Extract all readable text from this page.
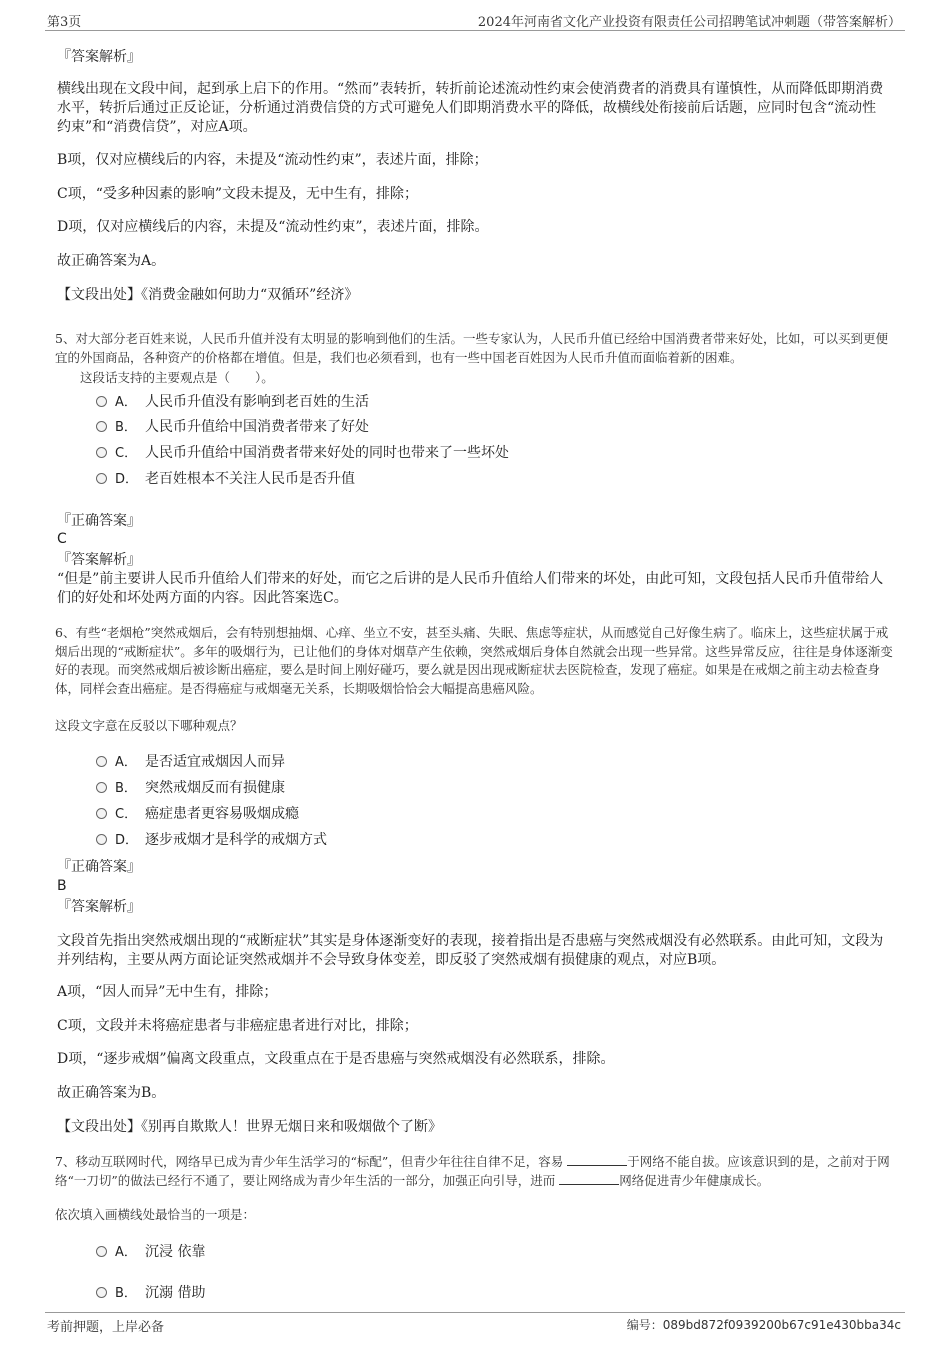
第3页	2024年河南省文化产业投资有限责任公司招聘笔试冲刺题（带答案解析）

『答案解析』

横线出现在文段中间，起到承上启下的作用。“然而”表转折，转折前论述流动性约束会使消费者的消费具有谨慎性，从而降低即期消费水平，转折后通过正反论证，分析通过消费信贷的方式可避免人们即期消费水平的降低，故横线处衔接前后话题，应同时包含“流动性约束”和“消费信贷”，对应A项。

B项，仅对应横线后的内容，未提及“流动性约束”，表述片面，排除；

C项，“受多种因素的影响”文段未提及，无中生有，排除；

D项，仅对应横线后的内容，未提及“流动性约束”，表述片面，排除。

故正确答案为A。

【文段出处】《消费金融如何助力“双循环”经济》

5、对大部分老百姓来说，人民币升值并没有太明显的影响到他们的生活。一些专家认为，人民币升值已经给中国消费者带来好处，比如，可以买到更便宜的外国商品，各种资产的价格都在增值。但是，我们也必须看到，也有一些中国老百姓因为人民币升值而面临着新的困难。

这段话支持的主要观点是（　　）。

A． 人民币升值没有影响到老百姓的生活
B． 人民币升值给中国消费者带来了好处
C． 人民币升值给中国消费者带来好处的同时也带来了一些坏处
D． 老百姓根本不关注人民币是否升值

『正确答案』

C

『答案解析』

“但是”前主要讲人民币升值给人们带来的好处，而它之后讲的是人民币升值给人们带来的坏处，由此可知，文段包括人民币升值带给人们的好处和坏处两方面的内容。因此答案选C。

6、有些“老烟枪”突然戒烟后，会有特别想抽烟、心痒、坐立不安，甚至头痛、失眠、焦虑等症状，从而感觉自己好像生病了。临床上，这些症状属于戒烟后出现的“戒断症状”。多年的吸烟行为，已让他们的身体对烟草产生依赖，突然戒烟后身体自然就会出现一些异常。这些异常反应，往往是身体逐渐变好的表现。而突然戒烟后被诊断出癌症，要么是时间上刚好碰巧，要么就是因出现戒断症状去医院检查，发现了癌症。如果是在戒烟之前主动去检查身体，同样会查出癌症。是否得癌症与戒烟毫无关系，长期吸烟恰恰会大幅提高患癌风险。

这段文字意在反驳以下哪种观点？

A． 是否适宜戒烟因人而异
B． 突然戒烟反而有损健康
C． 癌症患者更容易吸烟成瘾
D． 逐步戒烟才是科学的戒烟方式

『正确答案』

B

『答案解析』

文段首先指出突然戒烟出现的“戒断症状”其实是身体逐渐变好的表现，接着指出是否患癌与突然戒烟没有必然联系。由此可知，文段为并列结构，主要从两方面论证突然戒烟并不会导致身体变差，即反驳了突然戒烟有损健康的观点，对应B项。

A项，“因人而异”无中生有，排除；

C项，文段并未将癌症患者与非癌症患者进行对比，排除；

D项，“逐步戒烟”偏离文段重点，文段重点在于是否患癌与突然戒烟没有必然联系，排除。

故正确答案为B。

【文段出处】《别再自欺欺人！世界无烟日来和吸烟做个了断》

7、移动互联网时代，网络早已成为青少年生活学习的“标配”，但青少年往往自律不足，容易	于网络不能自拔。应该意识到的是，之前对于网络“一刀切”的做法已经行不通了，要让网络成为青少年生活的一部分，加强正向引导，进而	网络促进青少年健康成长。

依次填入画横线处最恰当的一项是：

A． 沉浸 依靠
B． 沉溺 借助
考前押题，上岸必备	编号：089bd872f0939200b67c91e430bba34c
